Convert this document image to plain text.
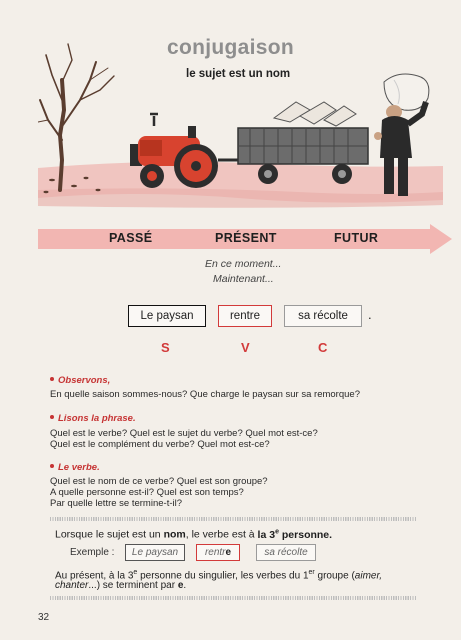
conjugaison
le sujet est un nom
PASSÉ	PRÉSENT	FUTUR
En ce moment...
Maintenant...
Le paysan	rentre	sa récolte	.
S	V	C
Observons,
En quelle saison sommes-nous? Que charge le paysan sur sa remorque?
Lisons la phrase.
Quel est le verbe? Quel est le sujet du verbe? Quel mot est-ce?
Quel est le complément du verbe? Quel mot est-ce?
Le verbe.
Quel est le nom de ce verbe? Quel est son groupe?
A quelle personne est-il? Quel est son temps?
Par quelle lettre se termine-t-il?
Lorsque le sujet est un nom, le verbe est à la 3e personne.
Exemple :	Le paysan	rentre	sa récolte
Au présent, à la 3e personne du singulier, les verbes du 1er groupe (aimer,
chanter...) se terminent par e.
32
